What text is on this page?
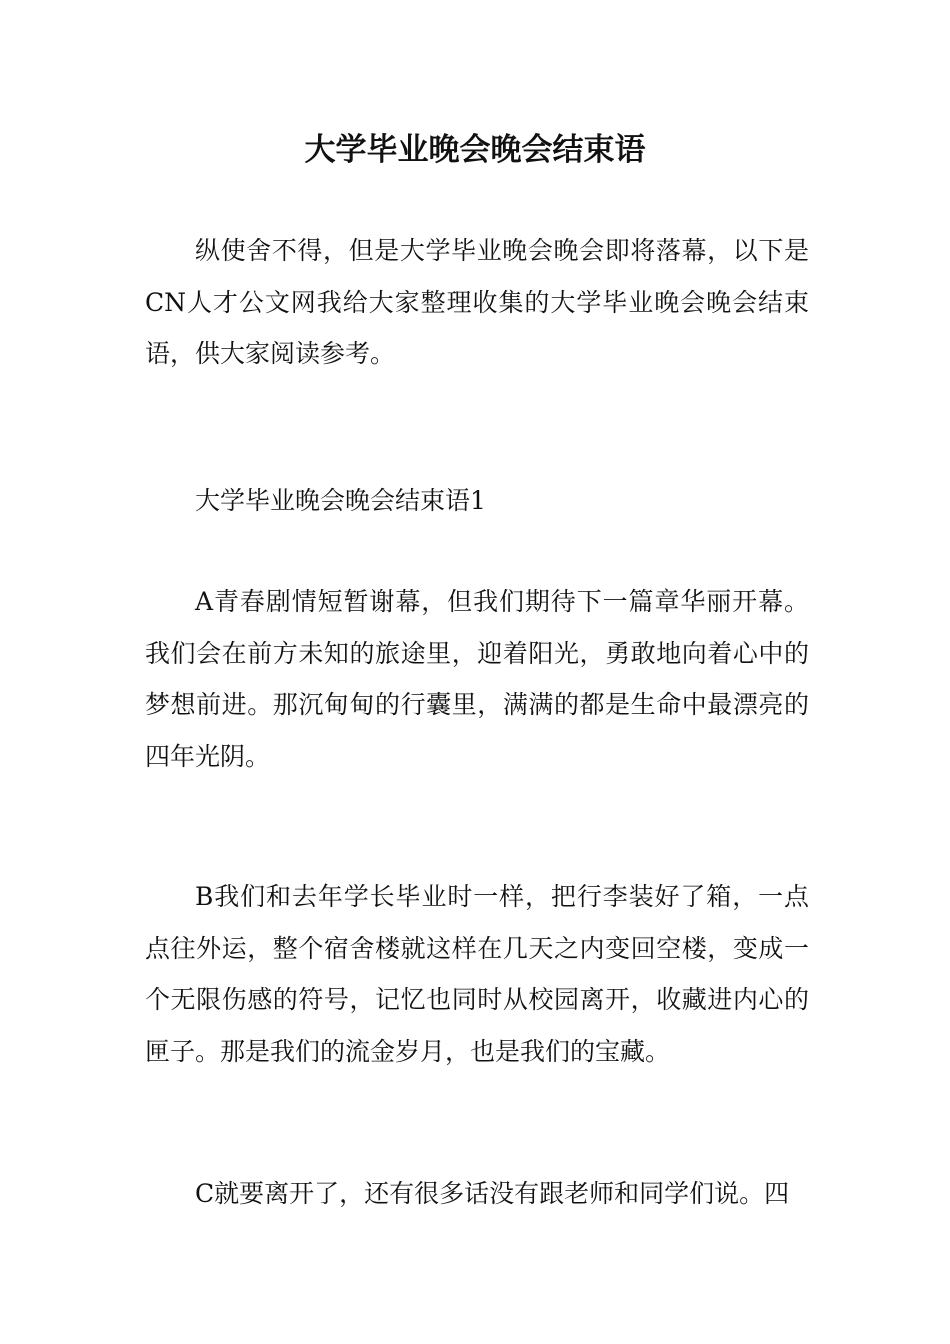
大学毕业晚会晚会结束语

纵使舍不得，但是大学毕业晚会晚会即将落幕，以下是CN人才公文网我给大家整理收集的大学毕业晚会晚会结束语，供大家阅读参考。

大学毕业晚会晚会结束语1

A青春剧情短暂谢幕，但我们期待下一篇章华丽开幕。我们会在前方未知的旅途里，迎着阳光，勇敢地向着心中的梦想前进。那沉甸甸的行囊里，满满的都是生命中最漂亮的四年光阴。

B我们和去年学长毕业时一样，把行李装好了箱，一点点往外运，整个宿舍楼就这样在几天之内变回空楼，变成一个无限伤感的符号，记忆也同时从校园离开，收藏进内心的匣子。那是我们的流金岁月，也是我们的宝藏。

C就要离开了，还有很多话没有跟老师和同学们说。四
